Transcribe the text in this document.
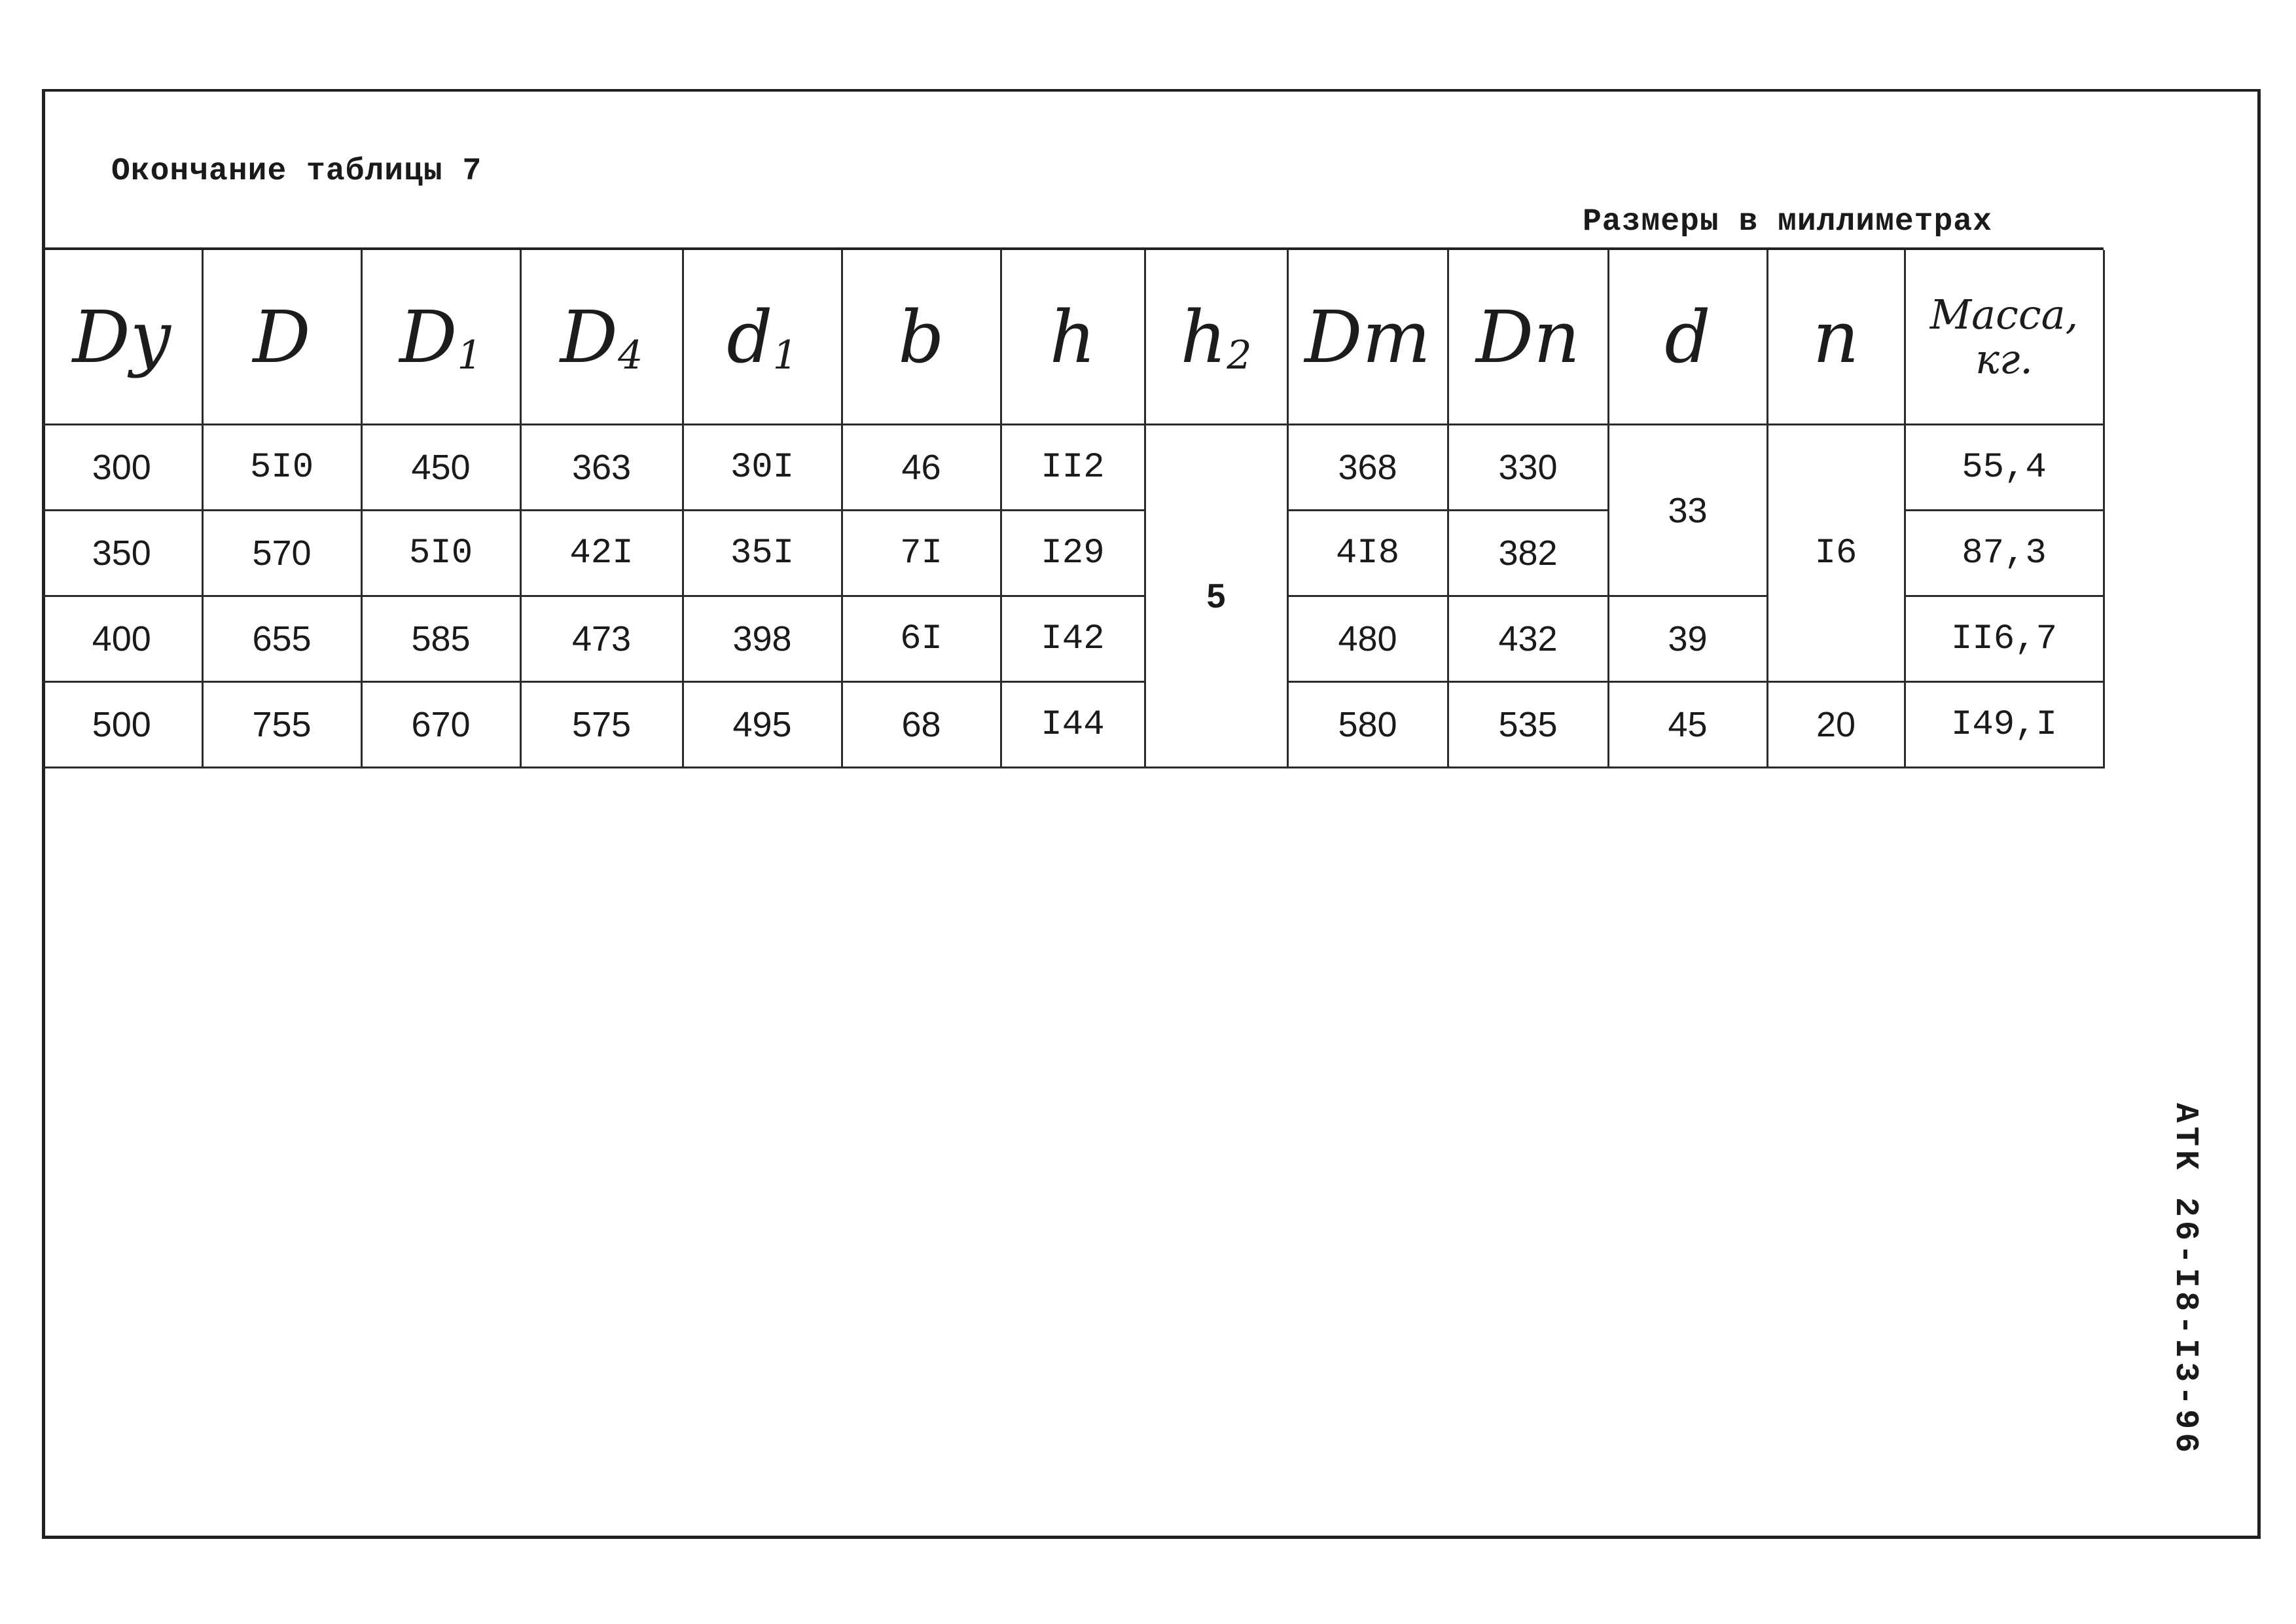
Окончание таблицы 7
Размеры в миллиметрах
АТК 26-I8-I3-96
Dy	D	$D_1$	$D_4$	$d_1$	b	h	$h_2$	Dm	Dn	d	n	Масса,
кг.

300	5I0	450	363	30I	46	II2	5	368	330	33	I6	55,4
350	570	5I0	42I	35I	7I	I29		4I8	382			87,3
400	655	585	473	398	6I	I42		480	432	39		II6,7
500	755	670	575	495	68	I44		580	535	45	20	I49,I
